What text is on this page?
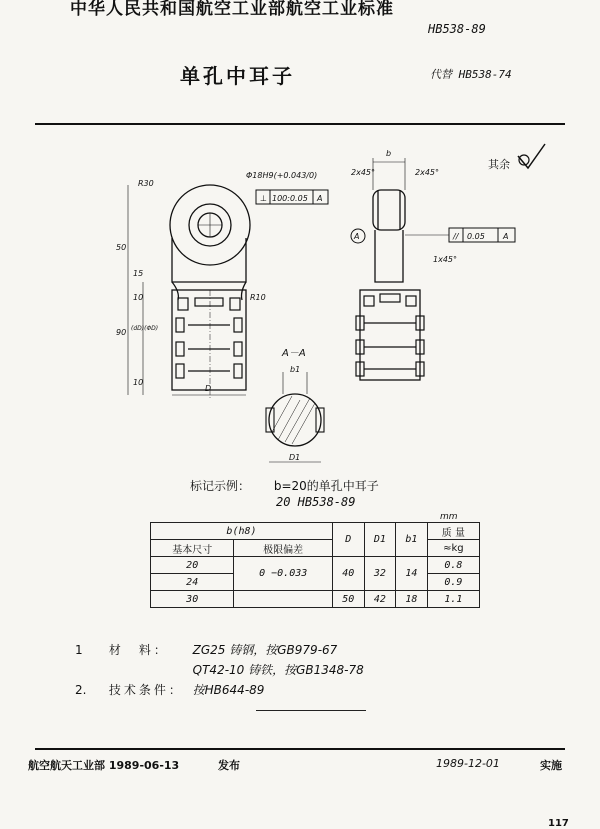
中华人民共和国航空工业部航空工业标准
HB538-89
单孔中耳子	代替 HB538-74
R30
R10
Φ18H9(+0.043/0)
⊥ 100:0.05 A
2x45°	2x45°
1x45°
b
// 0.05 A
A
其余
50
15
10
90 (dD)(ΦD)
10
D
A－A
b1
D1
标记示例： b=20的单孔中耳子
20 HB538-89
mm
b(h8)		D	D1	b1	质 量
基本尺寸	极限偏差				≈kg
20	0 −0.033	40	32	14	0.8
24					0.9
30		50	42	18	1.1
1 材　料： ZG25 铸钢，按GB979-67
QT42-10 铸铁，按GB1348-78
2. 技术条件： 按HB644-89
航空航天工业部 1989-06-13	发布	1989-12-01	实施
117
